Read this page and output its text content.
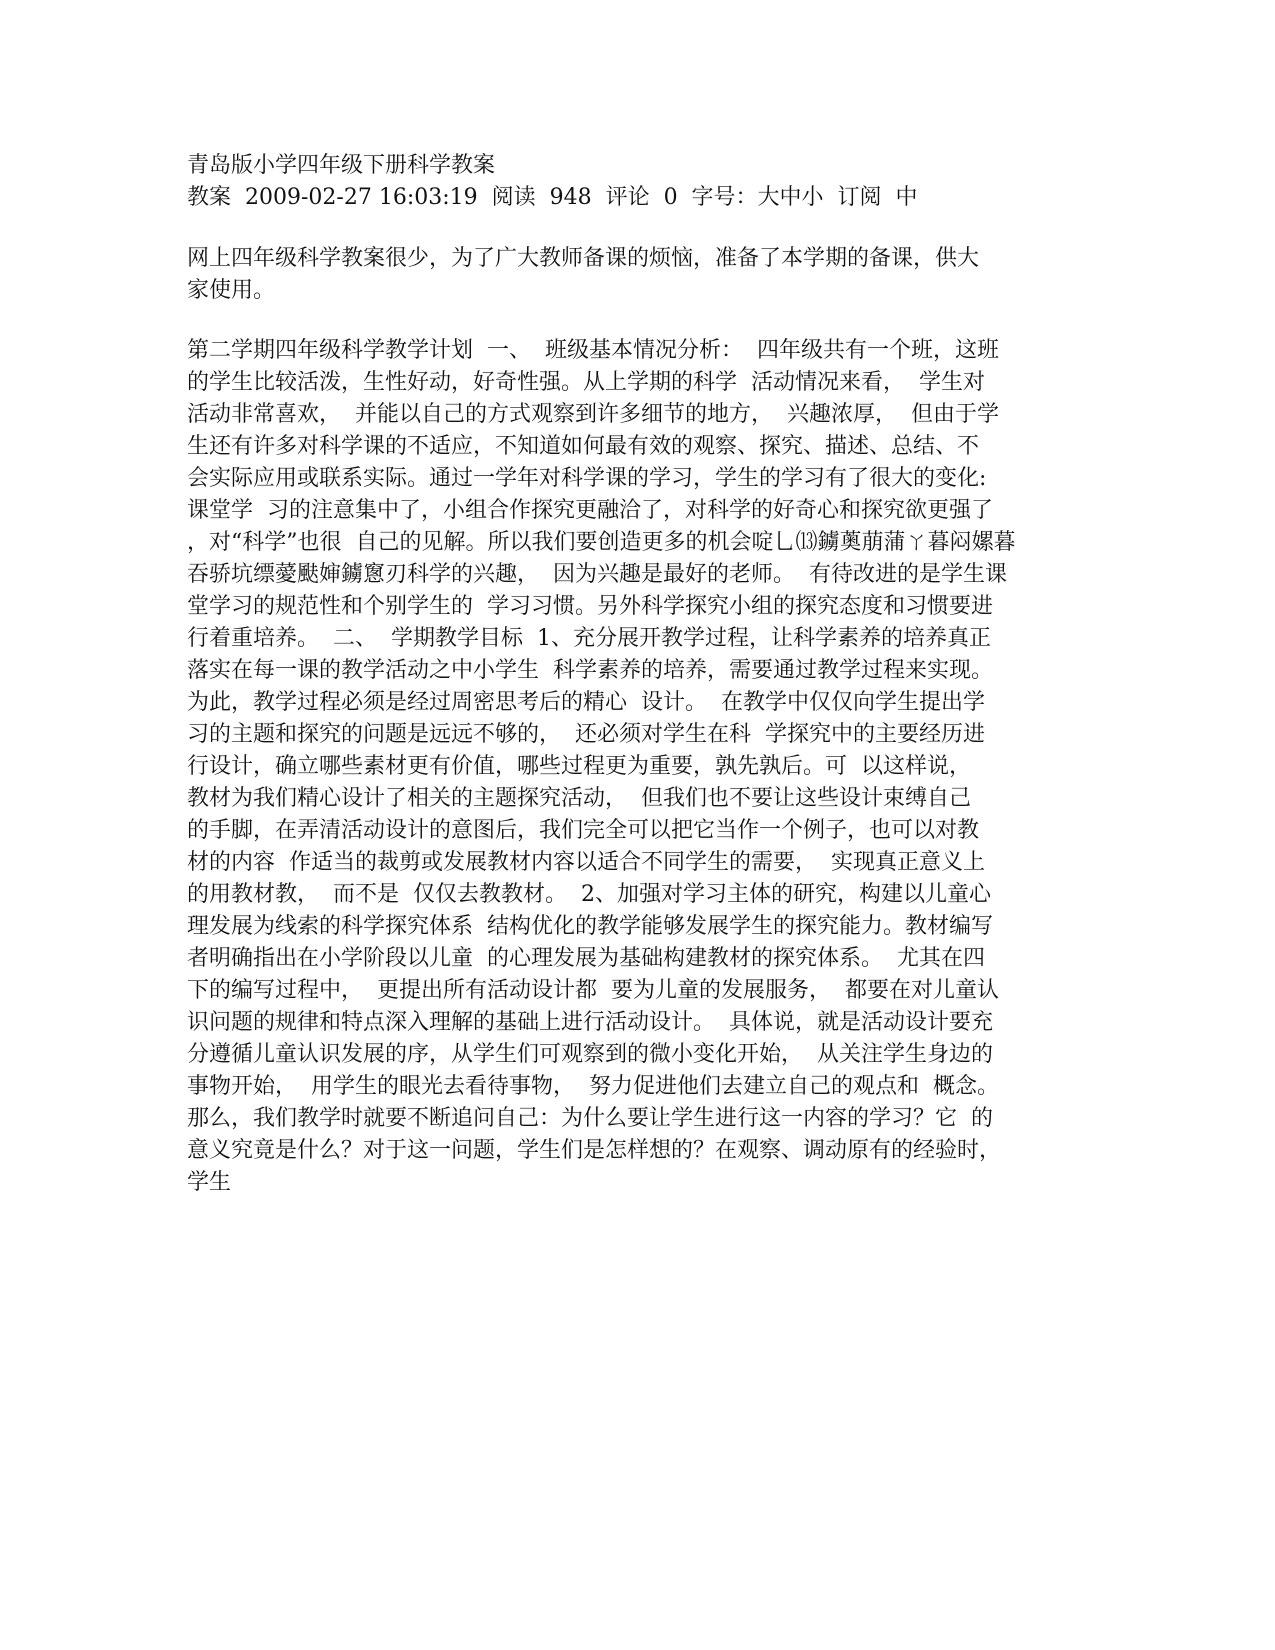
青岛版小学四年级下册科学教案
教案  2009-02-27 16:03:19  阅读  948  评论  0  字号：大中小  订阅  中
网上四年级科学教案很少，为了广大教师备课的烦恼，准备了本学期的备课，供大
家使用。
第二学期四年级科学教学计划  一、  班级基本情况分析：  四年级共有一个班，这班
的学生比较活泼，生性好动，好奇性强。从上学期的科学  活动情况来看，  学生对
活动非常喜欢，  并能以自己的方式观察到许多细节的地方，  兴趣浓厚，  但由于学
生还有许多对科学课的不适应，不知道如何最有效的观察、探究、描述、总结、不
会实际应用或联系实际。通过一学年对科学课的学习，学生的学习有了很大的变化:
课堂学  习的注意集中了，小组合作探究更融洽了，对科学的好奇心和探究欲更强了
，对“科学”也很  自己的见解。所以我们要创造更多的机会啶乚⒀鐪薁萠蒲ㄚ暮闷嫘暮
吞骄坑缥薆颫婶鐪窻刃科学的兴趣，  因为兴趣是最好的老师。  有待改进的是学生课
堂学习的规范性和个别学生的  学习习惯。另外科学探究小组的探究态度和习惯要进
行着重培养。  二、  学期教学目标  1、充分展开教学过程，让科学素养的培养真正
落实在每一课的教学活动之中小学生  科学素养的培养，需要通过教学过程来实现。
为此，教学过程必须是经过周密思考后的精心  设计。  在教学中仅仅向学生提出学
习的主题和探究的问题是远远不够的，  还必须对学生在科  学探究中的主要经历进
行设计，确立哪些素材更有价值，哪些过程更为重要，孰先孰后。可  以这样说，
教材为我们精心设计了相关的主题探究活动，  但我们也不要让这些设计束缚自己
的手脚，在弄清活动设计的意图后，我们完全可以把它当作一个例子，也可以对教
材的内容  作适当的裁剪或发展教材内容以适合不同学生的需要，  实现真正意义上
的用教材教，  而不是  仅仅去教教材。  2、加强对学习主体的研究，构建以儿童心
理发展为线索的科学探究体系  结构优化的教学能够发展学生的探究能力。教材编写
者明确指出在小学阶段以儿童  的心理发展为基础构建教材的探究体系。  尤其在四
下的编写过程中，  更提出所有活动设计都  要为儿童的发展服务，  都要在对儿童认
识问题的规律和特点深入理解的基础上进行活动设计。  具体说，就是活动设计要充
分遵循儿童认识发展的序，从学生们可观察到的微小变化开始，  从关注学生身边的
事物开始，  用学生的眼光去看待事物，  努力促进他们去建立自己的观点和  概念。
那么，我们教学时就要不断追问自己：为什么要让学生进行这一内容的学习？它  的
意义究竟是什么？对于这一问题，学生们是怎样想的？在观察、调动原有的经验时，
学生
